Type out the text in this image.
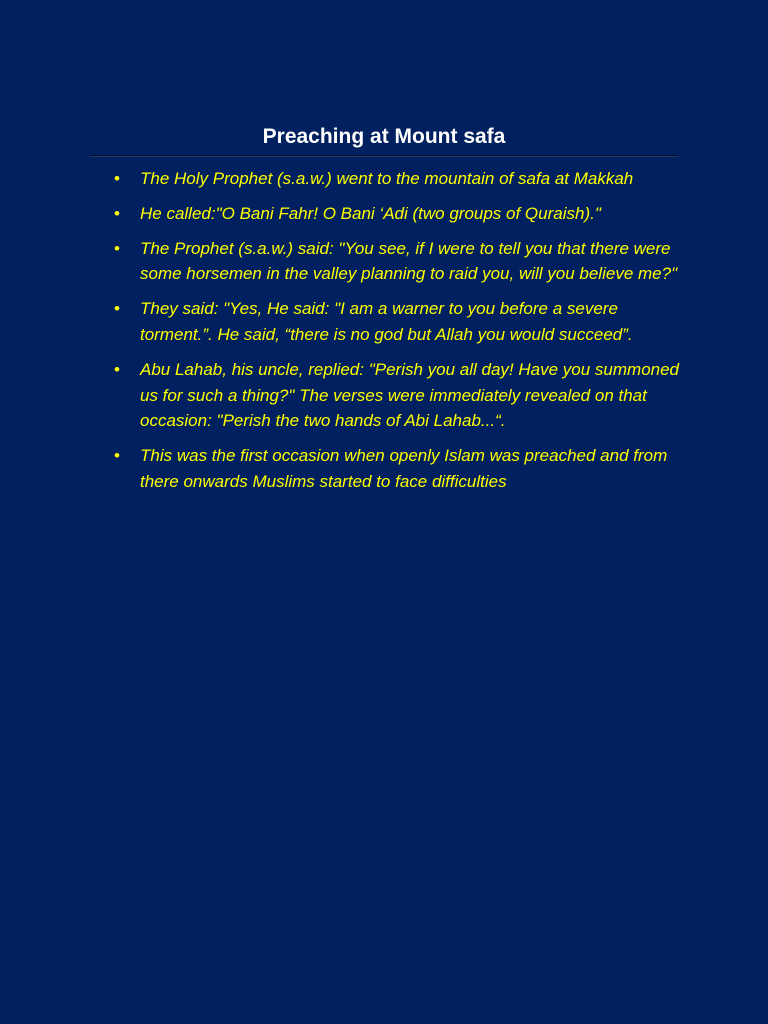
Preaching at Mount safa
• The Holy Prophet (s.a.w.) went to the mountain of safa at Makkah
• He called:"O Bani Fahr! O Bani ‘Adi (two groups of Quraish)."
• The Prophet (s.a.w.) said: "You see, if I were to tell you that there were some horsemen in the valley planning to raid you, will you believe me?"
• They said: "Yes, He said: "I am a warner to you before a severe torment.”. He said, “there is no god but Allah you would succeed”.
• Abu Lahab, his uncle, replied: "Perish you all day! Have you summoned us for such a thing?" The verses were immediately revealed on that occasion: "Perish the two hands of Abi Lahab...“.
• This was the first occasion when openly Islam was preached and from there onwards Muslims started to face difficulties
